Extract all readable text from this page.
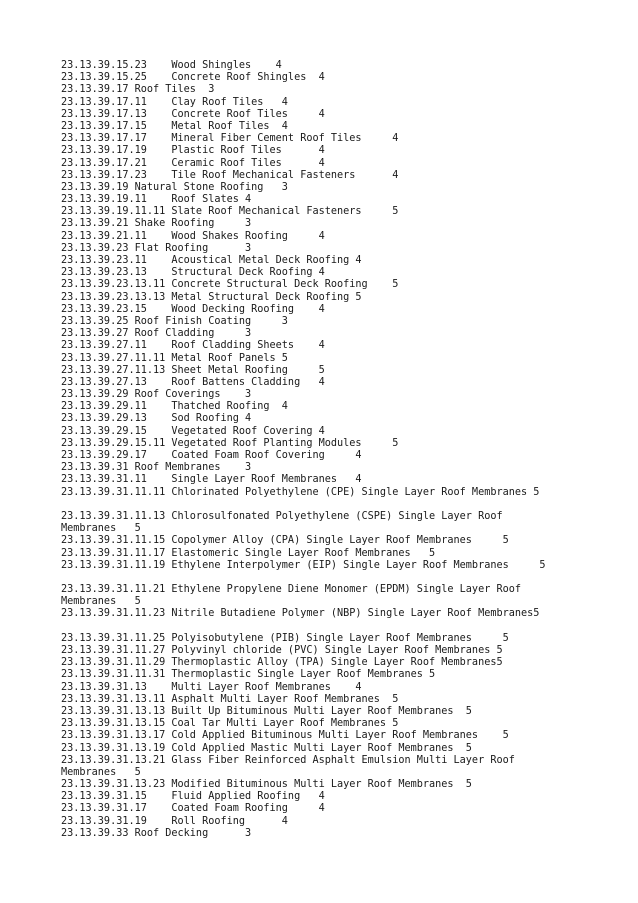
23.13.39.15.23    Wood Shingles    4
23.13.39.15.25    Concrete Roof Shingles  4
23.13.39.17 Roof Tiles  3
23.13.39.17.11    Clay Roof Tiles   4
23.13.39.17.13    Concrete Roof Tiles     4
23.13.39.17.15    Metal Roof Tiles  4
23.13.39.17.17    Mineral Fiber Cement Roof Tiles     4
23.13.39.17.19    Plastic Roof Tiles      4
23.13.39.17.21    Ceramic Roof Tiles      4
23.13.39.17.23    Tile Roof Mechanical Fasteners      4
23.13.39.19 Natural Stone Roofing   3
23.13.39.19.11    Roof Slates 4
23.13.39.19.11.11 Slate Roof Mechanical Fasteners     5
23.13.39.21 Shake Roofing     3
23.13.39.21.11    Wood Shakes Roofing     4
23.13.39.23 Flat Roofing      3
23.13.39.23.11    Acoustical Metal Deck Roofing 4
23.13.39.23.13    Structural Deck Roofing 4
23.13.39.23.13.11 Concrete Structural Deck Roofing    5
23.13.39.23.13.13 Metal Structural Deck Roofing 5
23.13.39.23.15    Wood Decking Roofing    4
23.13.39.25 Roof Finish Coating     3
23.13.39.27 Roof Cladding     3
23.13.39.27.11    Roof Cladding Sheets    4
23.13.39.27.11.11 Metal Roof Panels 5
23.13.39.27.11.13 Sheet Metal Roofing     5
23.13.39.27.13    Roof Battens Cladding   4
23.13.39.29 Roof Coverings    3
23.13.39.29.11    Thatched Roofing  4
23.13.39.29.13    Sod Roofing 4
23.13.39.29.15    Vegetated Roof Covering 4
23.13.39.29.15.11 Vegetated Roof Planting Modules     5
23.13.39.29.17    Coated Foam Roof Covering     4
23.13.39.31 Roof Membranes    3
23.13.39.31.11    Single Layer Roof Membranes   4
23.13.39.31.11.11 Chlorinated Polyethylene (CPE) Single Layer Roof Membranes 5
23.13.39.31.11.13 Chlorosulfonated Polyethylene (CSPE) Single Layer Roof
Membranes   5
23.13.39.31.11.15 Copolymer Alloy (CPA) Single Layer Roof Membranes     5
23.13.39.31.11.17 Elastomeric Single Layer Roof Membranes   5
23.13.39.31.11.19 Ethylene Interpolymer (EIP) Single Layer Roof Membranes     5
23.13.39.31.11.21 Ethylene Propylene Diene Monomer (EPDM) Single Layer Roof
Membranes   5
23.13.39.31.11.23 Nitrile Butadiene Polymer (NBP) Single Layer Roof Membranes5
23.13.39.31.11.25 Polyisobutylene (PIB) Single Layer Roof Membranes     5
23.13.39.31.11.27 Polyvinyl chloride (PVC) Single Layer Roof Membranes 5
23.13.39.31.11.29 Thermoplastic Alloy (TPA) Single Layer Roof Membranes5
23.13.39.31.11.31 Thermoplastic Single Layer Roof Membranes 5
23.13.39.31.13    Multi Layer Roof Membranes    4
23.13.39.31.13.11 Asphalt Multi Layer Roof Membranes  5
23.13.39.31.13.13 Built Up Bituminous Multi Layer Roof Membranes  5
23.13.39.31.13.15 Coal Tar Multi Layer Roof Membranes 5
23.13.39.31.13.17 Cold Applied Bituminous Multi Layer Roof Membranes    5
23.13.39.31.13.19 Cold Applied Mastic Multi Layer Roof Membranes  5
23.13.39.31.13.21 Glass Fiber Reinforced Asphalt Emulsion Multi Layer Roof
Membranes   5
23.13.39.31.13.23 Modified Bituminous Multi Layer Roof Membranes  5
23.13.39.31.15    Fluid Applied Roofing   4
23.13.39.31.17    Coated Foam Roofing     4
23.13.39.31.19    Roll Roofing      4
23.13.39.33 Roof Decking      3
